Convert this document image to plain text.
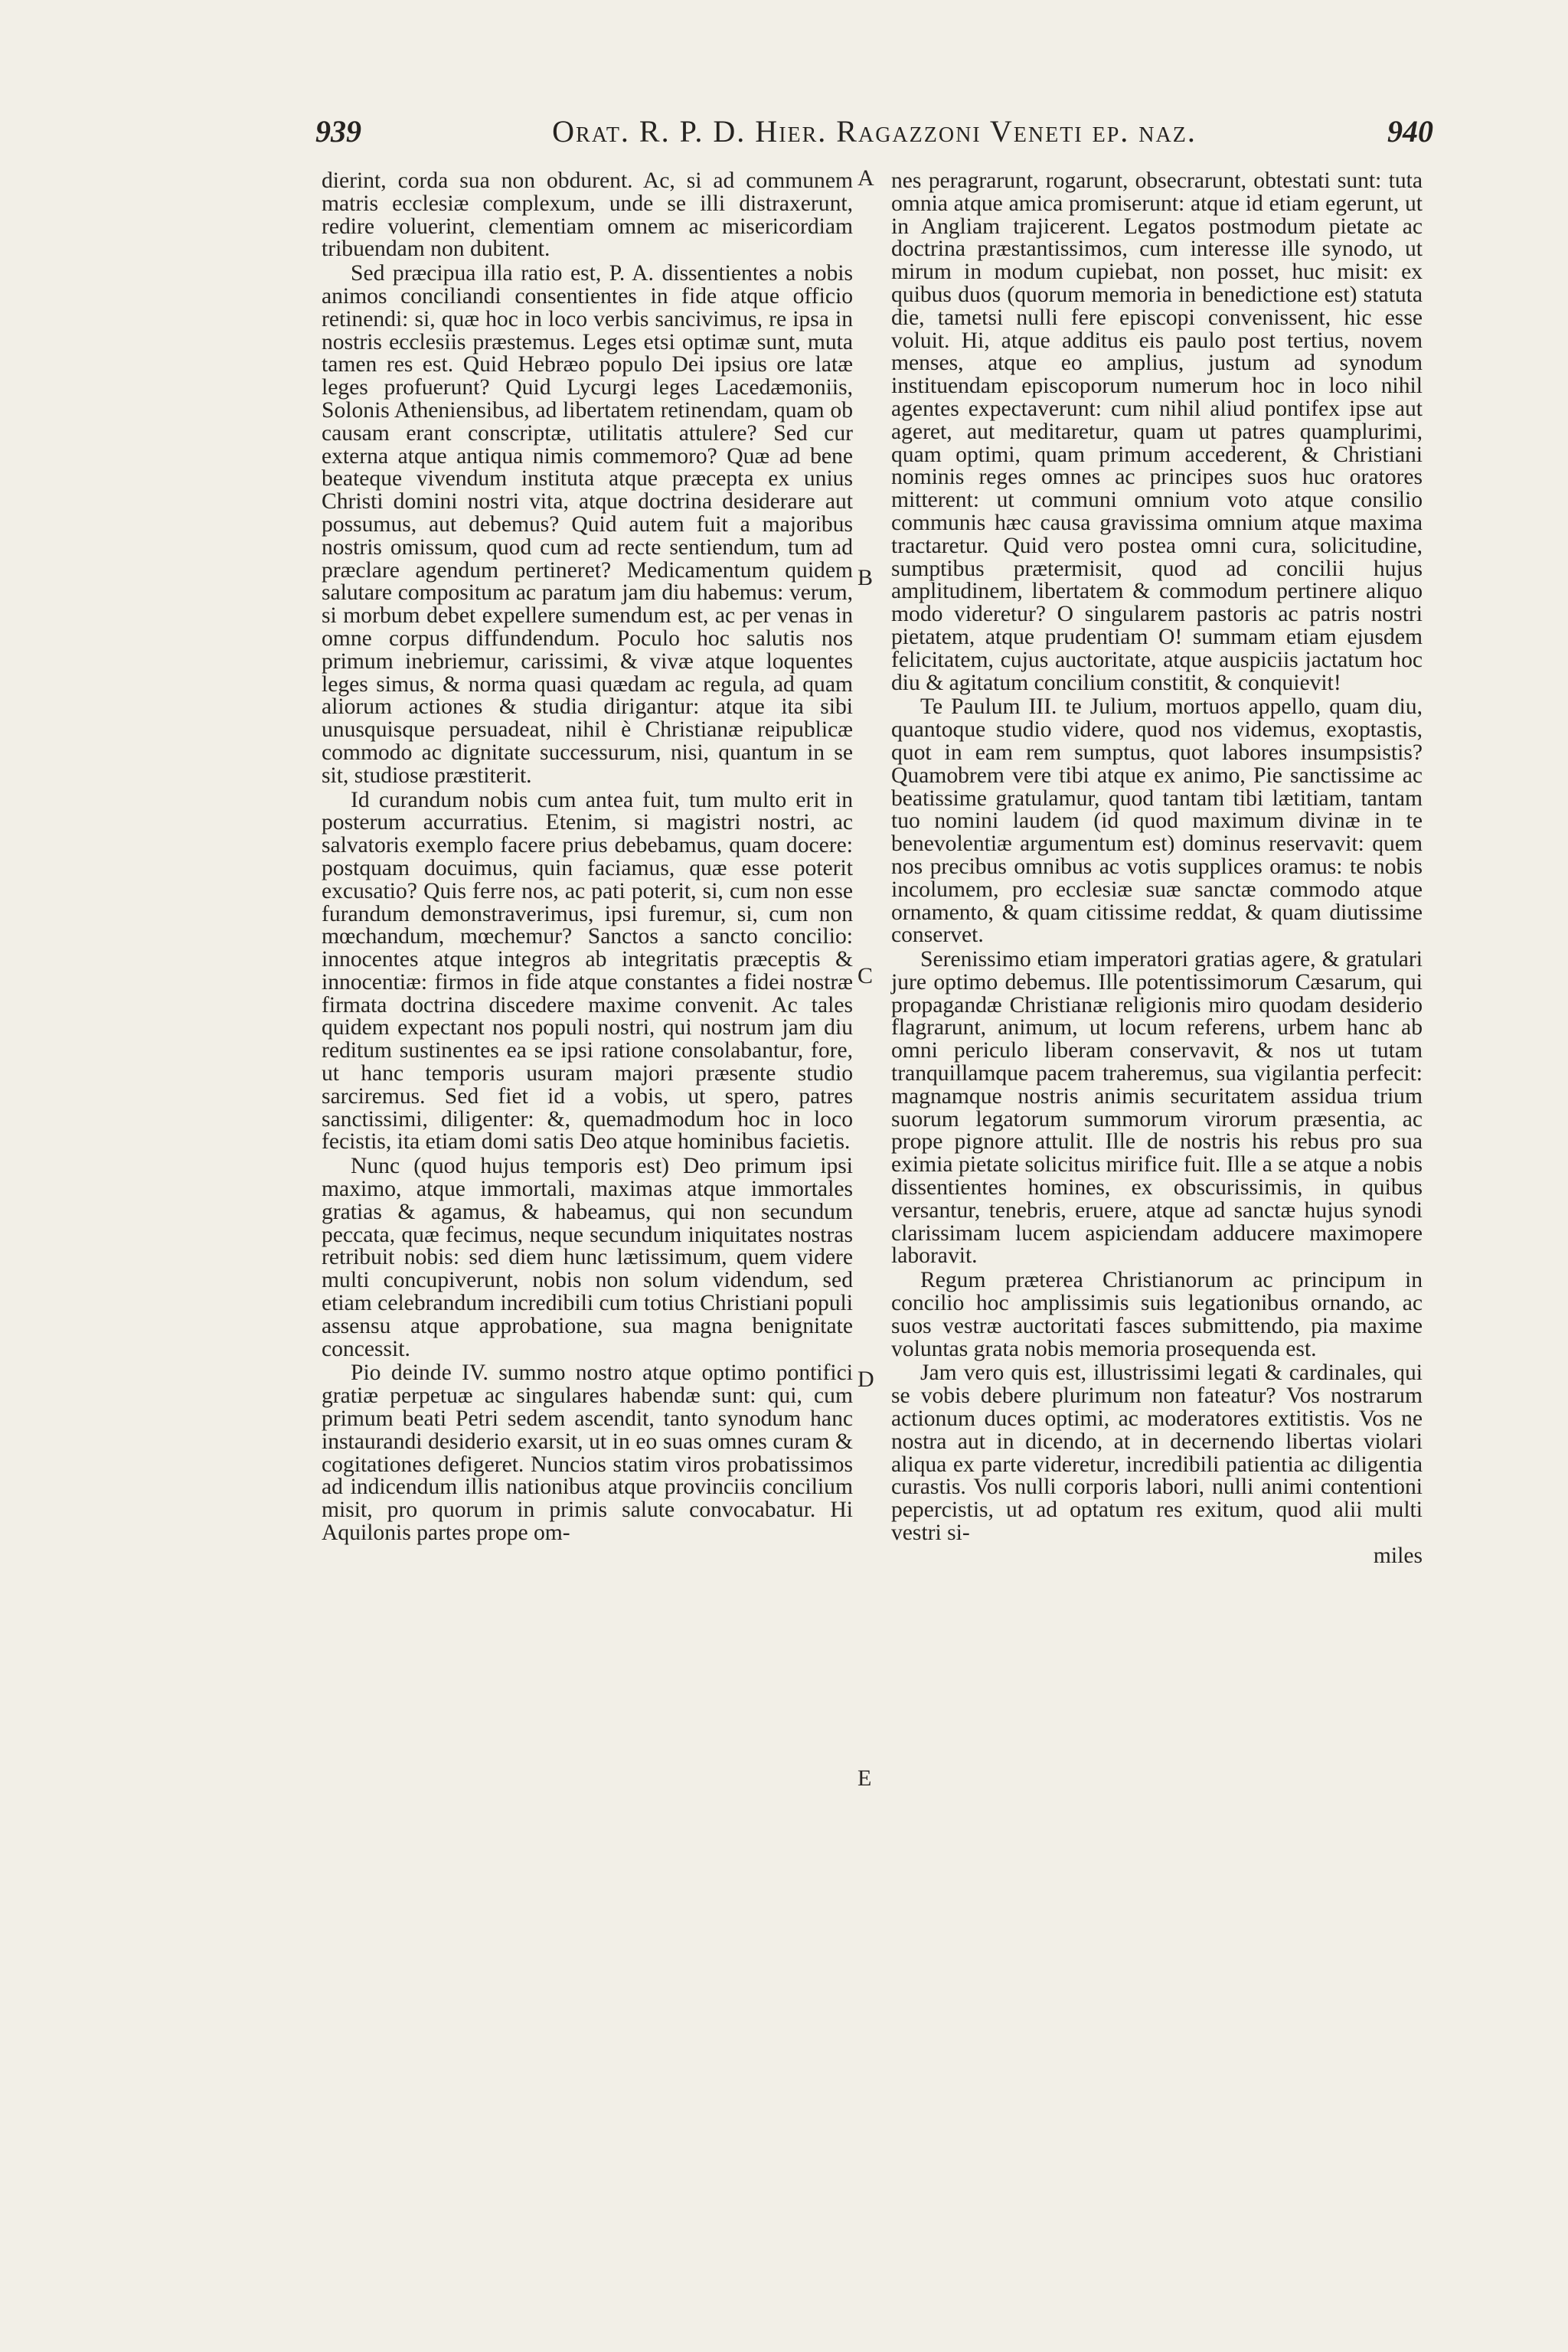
939	Orat. R. P. D. Hier. Ragazzoni Veneti ep. naz.	940

dierint, corda sua non obdurent. Ac, si ad communem matris ecclesiæ complexum, unde se illi distraxerunt, redire voluerint, clementiam omnem ac misericordiam tribuendam non dubitent.

Sed præcipua illa ratio est, P. A. dissentientes a nobis animos conciliandi consentientes in fide atque officio retinendi: si, quæ hoc in loco verbis sancivimus, re ipsa in nostris ecclesiis præstemus. Leges etsi optimæ sunt, muta tamen res est. Quid Hebræo populo Dei ipsius ore latæ leges profuerunt? Quid Lycurgi leges Lacedæmoniis, Solonis Atheniensibus, ad libertatem retinendam, quam ob causam erant conscriptæ, utilitatis attulere? Sed cur externa atque antiqua nimis commemoro? Quæ ad bene beateque vivendum instituta atque præcepta ex unius Christi domini nostri vita, atque doctrina desiderare aut possumus, aut debemus? Quid autem fuit a majoribus nostris omissum, quod cum ad recte sentiendum, tum ad præclare agendum pertineret? Medicamentum quidem salutare compositum ac paratum jam diu habemus: verum, si morbum debet expellere sumendum est, ac per venas in omne corpus diffundendum. Poculo hoc salutis nos primum inebriemur, carissimi, & vivæ atque loquentes leges simus, & norma quasi quædam ac regula, ad quam aliorum actiones & studia dirigantur: atque ita sibi unusquisque persuadeat, nihil è Christianæ reipublicæ commodo ac dignitate successurum, nisi, quantum in se sit, studiose præstiterit.

Id curandum nobis cum antea fuit, tum multo erit in posterum accurratius. Etenim, si magistri nostri, ac salvatoris exemplo facere prius debebamus, quam docere: postquam docuimus, quin faciamus, quæ esse poterit excusatio? Quis ferre nos, ac pati poterit, si, cum non esse furandum demonstraverimus, ipsi furemur, si, cum non mœchandum, mœchemur? Sanctos a sancto concilio: innocentes atque integros ab integritatis præceptis & innocentiæ: firmos in fide atque constantes a fidei nostræ firmata doctrina discedere maxime convenit. Ac tales quidem expectant nos populi nostri, qui nostrum jam diu reditum sustinentes ea se ipsi ratione consolabantur, fore, ut hanc temporis usuram majori præsente studio sarciremus. Sed fiet id a vobis, ut spero, patres sanctissimi, diligenter: &, quemadmodum hoc in loco fecistis, ita etiam domi satis Deo atque hominibus facietis.

Nunc (quod hujus temporis est) Deo primum ipsi maximo, atque immortali, maximas atque immortales gratias & agamus, & habeamus, qui non secundum peccata, quæ fecimus, neque secundum iniquitates nostras retribuit nobis: sed diem hunc lætissimum, quem videre multi concupiverunt, nobis non solum videndum, sed etiam celebrandum incredibili cum totius Christiani populi assensu atque approbatione, sua magna benignitate concessit.

Pio deinde IV. summo nostro atque optimo pontifici gratiæ perpetuæ ac singulares habendæ sunt: qui, cum primum beati Petri sedem ascendit, tanto synodum hanc instaurandi desiderio exarsit, ut in eo suas omnes curam & cogitationes defigeret. Nuncios statim viros probatissimos ad indicendum illis nationibus atque provinciis concilium misit, pro quorum in primis salute convocabatur. Hi Aquilonis partes prope om-

nes peragrarunt, rogarunt, obsecrarunt, obtestati sunt: tuta omnia atque amica promiserunt: atque id etiam egerunt, ut in Angliam trajicerent. Legatos postmodum pietate ac doctrina præstantissimos, cum interesse ille synodo, ut mirum in modum cupiebat, non posset, huc misit: ex quibus duos (quorum memoria in benedictione est) statuta die, tametsi nulli fere episcopi convenissent, hic esse voluit. Hi, atque additus eis paulo post tertius, novem menses, atque eo amplius, justum ad synodum instituendam episcoporum numerum hoc in loco nihil agentes expectaverunt: cum nihil aliud pontifex ipse aut ageret, aut meditaretur, quam ut patres quamplurimi, quam optimi, quam primum accederent, & Christiani nominis reges omnes ac principes suos huc oratores mitterent: ut communi omnium voto atque consilio communis hæc causa gravissima omnium atque maxima tractaretur. Quid vero postea omni cura, solicitudine, sumptibus prætermisit, quod ad concilii hujus amplitudinem, libertatem & commodum pertinere aliquo modo videretur? O singularem pastoris ac patris nostri pietatem, atque prudentiam O! summam etiam ejusdem felicitatem, cujus auctoritate, atque auspiciis jactatum hoc diu & agitatum concilium constitit, & conquievit!

Te Paulum III. te Julium, mortuos appello, quam diu, quantoque studio videre, quod nos videmus, exoptastis, quot in eam rem sumptus, quot labores insumpsistis? Quamobrem vere tibi atque ex animo, Pie sanctissime ac beatissime gratulamur, quod tantam tibi lætitiam, tantam tuo nomini laudem (id quod maximum divinæ in te benevolentiæ argumentum est) dominus reservavit: quem nos precibus omnibus ac votis supplices oramus: te nobis incolumem, pro ecclesiæ suæ sanctæ commodo atque ornamento, & quam citissime reddat, & quam diutissime conservet.

Serenissimo etiam imperatori gratias agere, & gratulari jure optimo debemus. Ille potentissimorum Cæsarum, qui propagandæ Christianæ religionis miro quodam desiderio flagrarunt, animum, ut locum referens, urbem hanc ab omni periculo liberam conservavit, & nos ut tutam tranquillamque pacem traheremus, sua vigilantia perfecit: magnamque nostris animis securitatem assidua trium suorum legatorum summorum virorum præsentia, ac prope pignore attulit. Ille de nostris his rebus pro sua eximia pietate solicitus mirifice fuit. Ille a se atque a nobis dissentientes homines, ex obscurissimis, in quibus versantur, tenebris, eruere, atque ad sanctæ hujus synodi clarissimam lucem aspiciendam adducere maximopere laboravit.

Regum præterea Christianorum ac principum in concilio hoc amplissimis suis legationibus ornando, ac suos vestræ auctoritati fasces submittendo, pia maxime voluntas grata nobis memoria prosequenda est.

Jam vero quis est, illustrissimi legati & cardinales, qui se vobis debere plurimum non fateatur? Vos nostrarum actionum duces optimi, ac moderatores extitistis. Vos ne nostra aut in dicendo, at in decernendo libertas violari aliqua ex parte videretur, incredibili patientia ac diligentia curastis. Vos nulli corporis labori, nulli animi contentioni pepercistis, ut ad optatum res exitum, quod alii multi vestri si-

miles

A
B
C
D
E
